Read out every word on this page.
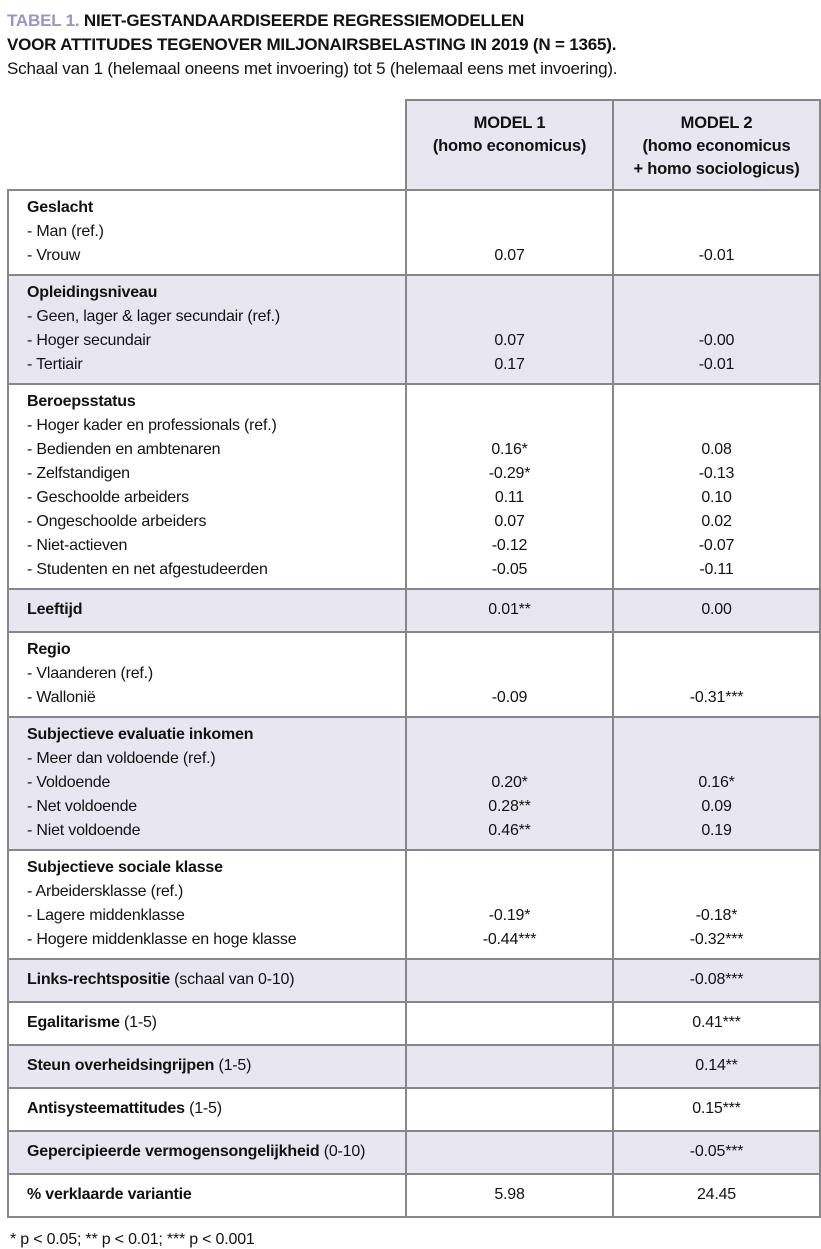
TABEL 1. NIET-GESTANDAARDISEERDE REGRESSIEMODELLEN
VOOR ATTITUDES TEGENOVER MILJONAIRSBELASTING IN 2019 (N = 1365).
Schaal van 1 (helemaal oneens met invoering) tot 5 (helemaal eens met invoering).

MODEL 1
(homo economicus)

MODEL 2
(homo economicus
+ homo sociologicus)

Geslacht		
- Man (ref.)		
- Vrouw	0.07	-0.01
Opleidingsniveau		
- Geen, lager & lager secundair (ref.)		
- Hoger secundair	0.07	-0.00
- Tertiair	0.17	-0.01
Beroepsstatus		
- Hoger kader en professionals (ref.)		
- Bedienden en ambtenaren	0.16*	0.08
- Zelfstandigen	-0.29*	-0.13
- Geschoolde arbeiders	0.11	0.10
- Ongeschoolde arbeiders	0.07	0.02
- Niet-actieven	-0.12	-0.07
- Studenten en net afgestudeerden	-0.05	-0.11
Leeftijd	0.01**	0.00
Regio		
- Vlaanderen (ref.)		
- Wallonië	-0.09	-0.31***
Subjectieve evaluatie inkomen		
- Meer dan voldoende (ref.)		
- Voldoende	0.20*	0.16*
- Net voldoende	0.28**	0.09
- Niet voldoende	0.46**	0.19
Subjectieve sociale klasse		
- Arbeidersklasse (ref.)		
- Lagere middenklasse	-0.19*	-0.18*
- Hogere middenklasse en hoge klasse	-0.44***	-0.32***
Links-rechtspositie (schaal van 0-10)		-0.08***
Egalitarisme (1-5)		0.41***
Steun overheidsingrijpen (1-5)		0.14**
Antisysteemattitudes (1-5)		0.15***
Gepercipieerde vermogensongelijkheid (0-10)		-0.05***
% verklaarde variantie	5.98	24.45
* p < 0.05; ** p < 0.01; *** p < 0.001
